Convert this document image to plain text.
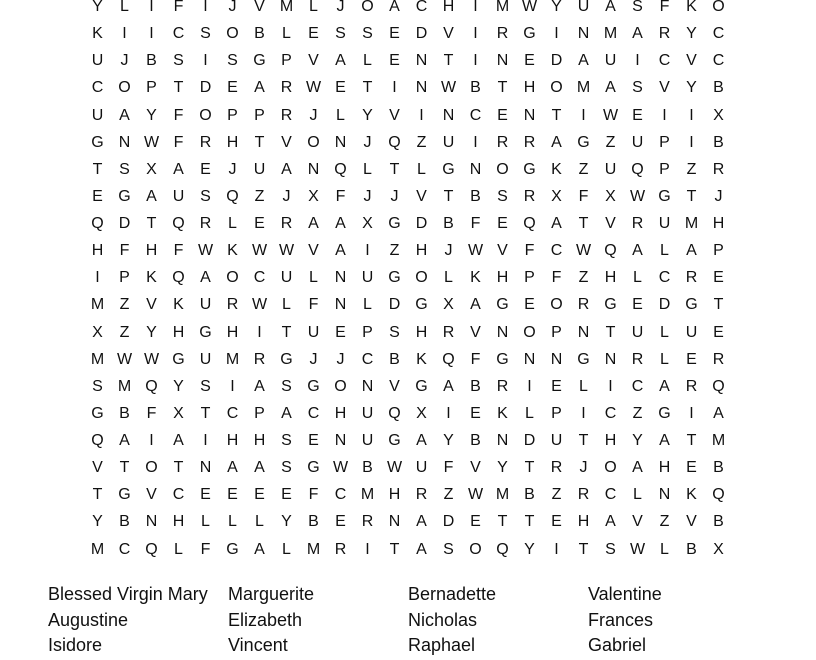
Y	L	I	F	I	J	V M L	J	O A C H	I	M W Y U A	S	F	K O
K	I	I	C S O B	L	E	S	S	E D V	I	R G	I	N M A R Y C
U	J	B	S	I	S G P	V	A	L	E N	T	I	N E D A U	I	C V C
C O P	T	D E	A R W E	T	I	N W B	T	H O M A	S	V	Y	B
U A	Y	F O P	P R	J	L	Y	V	I	N C E N	T	I	W E	I	I	X
G N W F	R H	T	V O N	J	Q Z	U	I	R R A G Z	U P	I	B
T	S	X	A	E	J	U A N Q	L	T	L	G N O G K	Z	U Q P	Z	R
E G A U S Q Z	J	X	F	J	J	V	T	B	S R X	F	X W G T	J
Q D	T Q R	L	E R A	A	X G D B	F	E Q A	T	V R U M H
H	F	H	F W K W W V	A	I	Z	H	J W V	F	C W Q A	L	A	P
I	P	K Q A O C U	L	N U G O	L	K H P	F	Z	H	L	C R E
M Z	V	K U R W L	F	N	L	D G X	A G E O R G E D G T
X	Z	Y H G H	I	T	U E	P	S H R V N O P N	T	U	L	U E
M W W G U M R G	J	J	C B	K Q F G N N G N R	L	E R
S M Q Y	S	I	A	S G O N V G A	B R	I	E	L	I	C A R Q
G B	F	X	T	C P	A C H U Q X	I	E	K	L	P	I	C	Z G	I	A
Q A	I	A	I	H H S	E N U G A	Y	B N D U	T	H Y	A	T M
V	T O T	N A	A	S G W B W U	F	V	Y	T	R	J	O A H E	B
T G V C E	E	E	E	F	C M H R	Z W M B	Z	R C	L	N K Q
Y	B N H	L	L	L	Y	B	E R N A D E	T	T	E H A	V	Z	V	B
M C Q	L	F G A	L M R	I	T	A	S O Q Y	I	T	S W L	B	X
Blessed Virgin Mary	Marguerite	Bernadette	Valentine
Augustine	Elizabeth	Nicholas	Frances
Isidore	Vincent	Raphael	Gabriel
